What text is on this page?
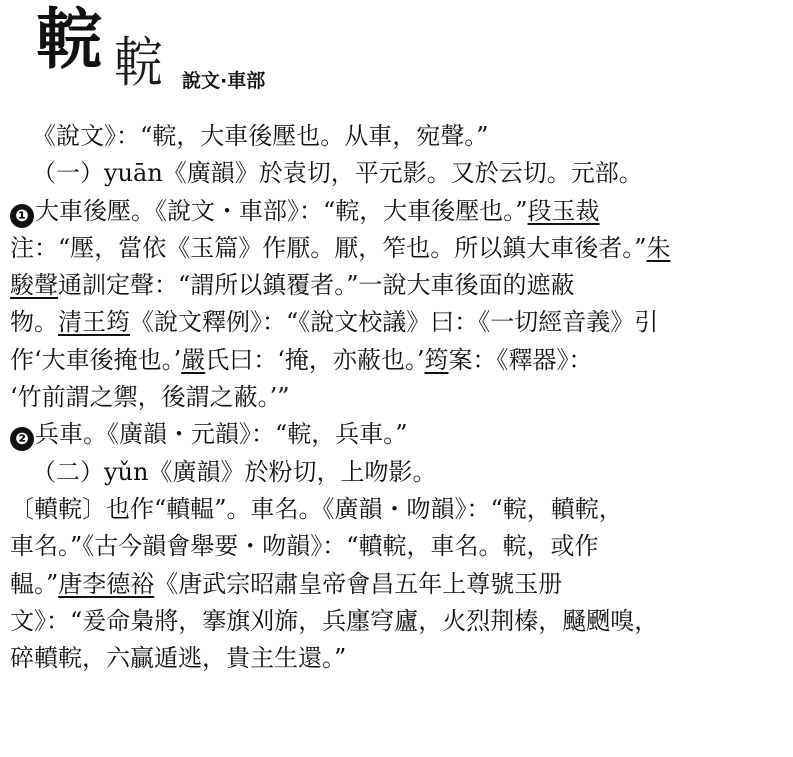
輐 輐 說文·車部
《說文》：“輐，大車後壓也。从車，宛聲。”
（一）yuān《廣韻》於袁切，平元影。又於云切。元部。
❶ 大車後壓。《說文・車部》：“輐，大車後壓也。”段玉裁
注：“壓，當依《玉篇》作厭。厭，笮也。所以鎮大車後者。”朱
駿聲通訓定聲：“謂所以鎮覆者。”一說大車後面的遮蔽
物。清王筠《說文釋例》：“《說文校議》曰：《一切經音義》引
作‘大車後掩也。’嚴氏曰：‘掩，亦蔽也。’筠案：《釋器》：
‘竹前謂之禦，後謂之蔽。’”
❷ 兵車。《廣韻・元韻》：“輐，兵車。”
（二）yǔn《廣韻》於粉切，上吻影。
〔轒輐〕也作“轒輼”。車名。《廣韻・吻韻》：“輐，轒輐，
車名。”《古今韻會舉要・吻韻》：“轒輐，車名。輐，或作
輼。”唐李德裕《唐武宗昭肅皇帝會昌五年上尊號玉册
文》：“爰命梟將，搴旗刈旆，兵廛穹廬，火烈荆榛，颾颲嗅，
碎轒輐，六贏遁逃，貴主生還。”
